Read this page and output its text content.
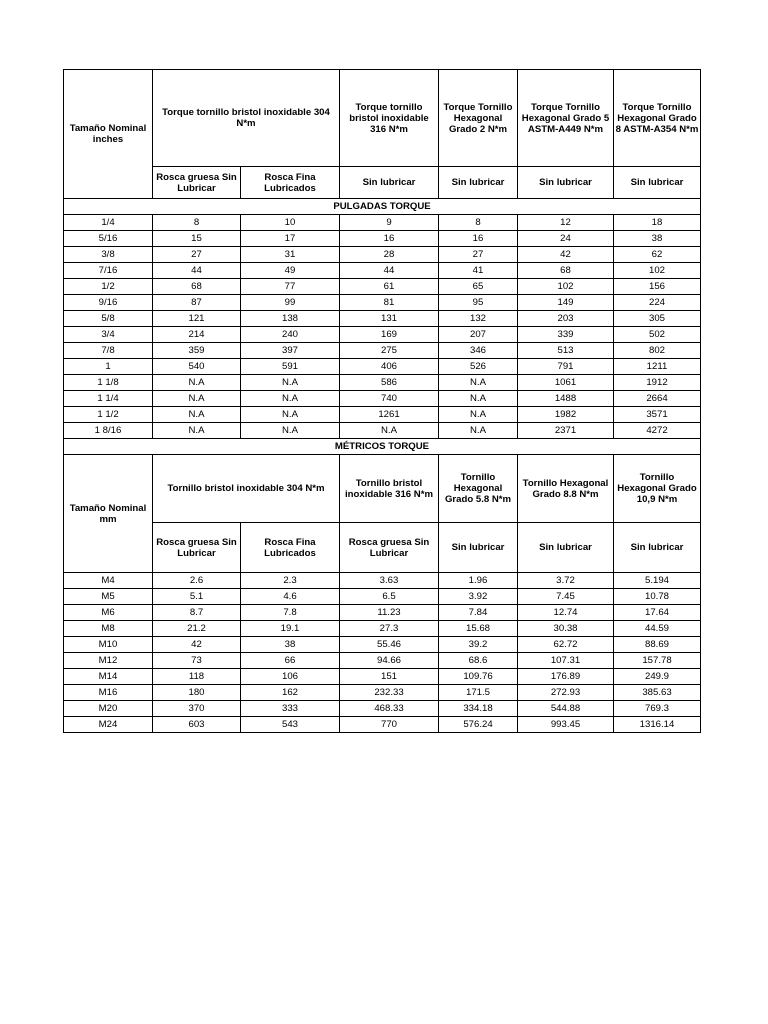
Tamaño Nominal inches	Torque tornillo bristol inoxidable 304 N*m		Torque tornillo bristol inoxidable 316 N*m	Torque Tornillo Hexagonal Grado 2 N*m	Torque Tornillo Hexagonal Grado 5 ASTM-A449 N*m	Torque Tornillo Hexagonal Grado 8 ASTM-A354 N*m
	Rosca gruesa Sin Lubricar	Rosca Fina Lubricados	Sin lubricar	Sin lubricar	Sin lubricar	Sin lubricar
PULGADAS TORQUE						
1/4	8	10	9	8	12	18
5/16	15	17	16	16	24	38
3/8	27	31	28	27	42	62
7/16	44	49	44	41	68	102
1/2	68	77	61	65	102	156
9/16	87	99	81	95	149	224
5/8	121	138	131	132	203	305
3/4	214	240	169	207	339	502
7/8	359	397	275	346	513	802
1	540	591	406	526	791	1211
1 1/8	N.A	N.A	586	N.A	1061	1912
1 1/4	N.A	N.A	740	N.A	1488	2664
1 1/2	N.A	N.A	1261	N.A	1982	3571
1 8/16	N.A	N.A	N.A	N.A	2371	4272
MÉTRICOS TORQUE						
Tamaño Nominal mm	Tornillo bristol inoxidable 304 N*m		Tornillo bristol inoxidable 316 N*m	Tornillo Hexagonal Grado 5.8 N*m	Tornillo Hexagonal Grado 8.8 N*m	Tornillo Hexagonal Grado 10,9 N*m
	Rosca gruesa Sin Lubricar	Rosca Fina Lubricados	Rosca gruesa Sin Lubricar	Sin lubricar	Sin lubricar	Sin lubricar
M4	2.6	2.3	3.63	1.96	3.72	5.194
M5	5.1	4.6	6.5	3.92	7.45	10.78
M6	8.7	7.8	11.23	7.84	12.74	17.64
M8	21.2	19.1	27.3	15.68	30.38	44.59
M10	42	38	55.46	39.2	62.72	88.69
M12	73	66	94.66	68.6	107.31	157.78
M14	118	106	151	109.76	176.89	249.9
M16	180	162	232.33	171.5	272.93	385.63
M20	370	333	468.33	334.18	544.88	769.3
M24	603	543	770	576.24	993.45	1316.14
